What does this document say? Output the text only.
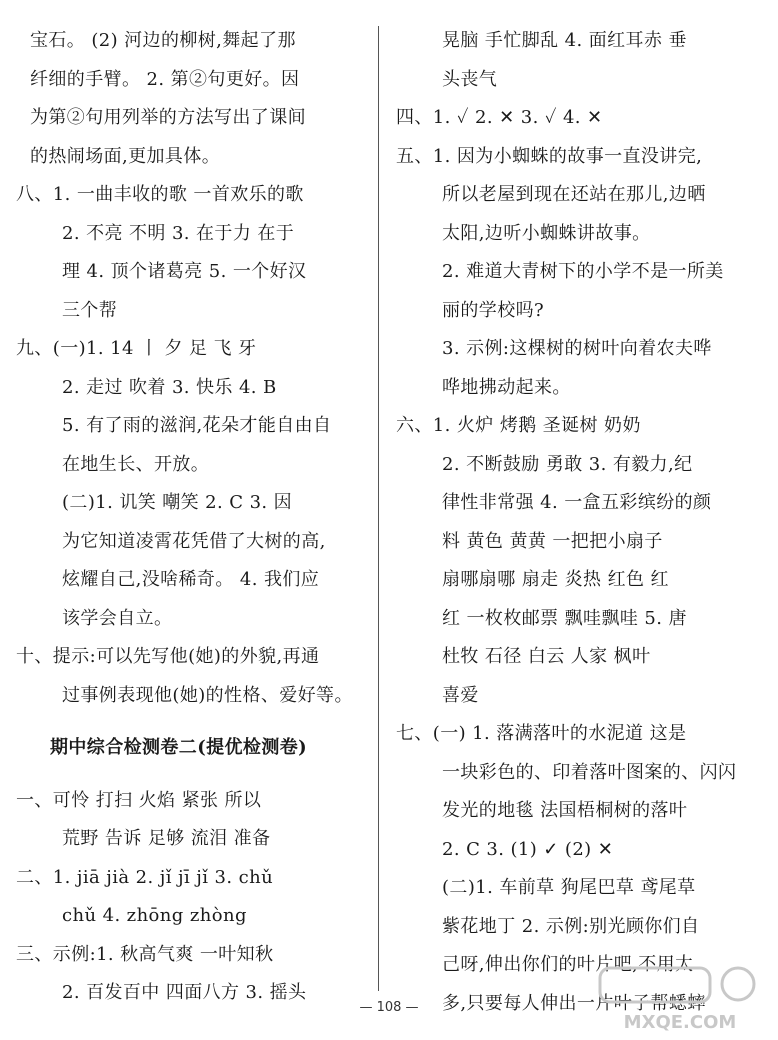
宝石。 (2) 河边的柳树,舞起了那
纤细的手臂。 2. 第②句更好。因
为第②句用列举的方法写出了课间
的热闹场面,更加具体。
八、1. 一曲丰收的歌 一首欢乐的歌
2. 不亮 不明 3. 在于力 在于
理 4. 顶个诸葛亮 5. 一个好汉
三个帮
九、(一)1. 14 丨 夕 足 飞 牙
2. 走过 吹着 3. 快乐 4. B
5. 有了雨的滋润,花朵才能自由自
在地生长、开放。
(二)1. 讥笑 嘲笑 2. C 3. 因
为它知道凌霄花凭借了大树的高,
炫耀自己,没啥稀奇。 4. 我们应
该学会自立。
十、提示:可以先写他(她)的外貌,再通
过事例表现他(她)的性格、爱好等。
期中综合检测卷二(提优检测卷)
一、可怜 打扫 火焰 紧张 所以
荒野 告诉 足够 流泪 准备
二、1. jiā jià 2. jǐ jī jǐ 3. chǔ
chǔ 4. zhōng zhòng
三、示例:1. 秋高气爽 一叶知秋
2. 百发百中 四面八方 3. 摇头
晃脑 手忙脚乱 4. 面红耳赤 垂
头丧气
四、1. ✓ 2. ✕ 3. ✓ 4. ✕
五、1. 因为小蜘蛛的故事一直没讲完,
所以老屋到现在还站在那儿,边晒
太阳,边听小蜘蛛讲故事。
2. 难道大青树下的小学不是一所美
丽的学校吗?
3. 示例:这棵树的树叶向着农夫哗
哗地拂动起来。
六、1. 火炉 烤鹅 圣诞树 奶奶
2. 不断鼓励 勇敢 3. 有毅力,纪
律性非常强 4. 一盒五彩缤纷的颜
料 黄色 黄黄 一把把小扇子
扇哪扇哪 扇走 炎热 红色 红
红 一枚枚邮票 飘哇飘哇 5. 唐
杜牧 石径 白云 人家 枫叶
喜爱
七、(一) 1. 落满落叶的水泥道 这是
一块彩色的、印着落叶图案的、闪闪
发光的地毯 法国梧桐树的落叶
2. C 3. (1) ✓ (2) ✕
(二)1. 车前草 狗尾巴草 鸢尾草
紫花地丁 2. 示例:别光顾你们自
己呀,伸出你们的叶片吧,不用太
多,只要每人伸出一片叶子帮蟋蟀
— 108 —
MXQE.COM
